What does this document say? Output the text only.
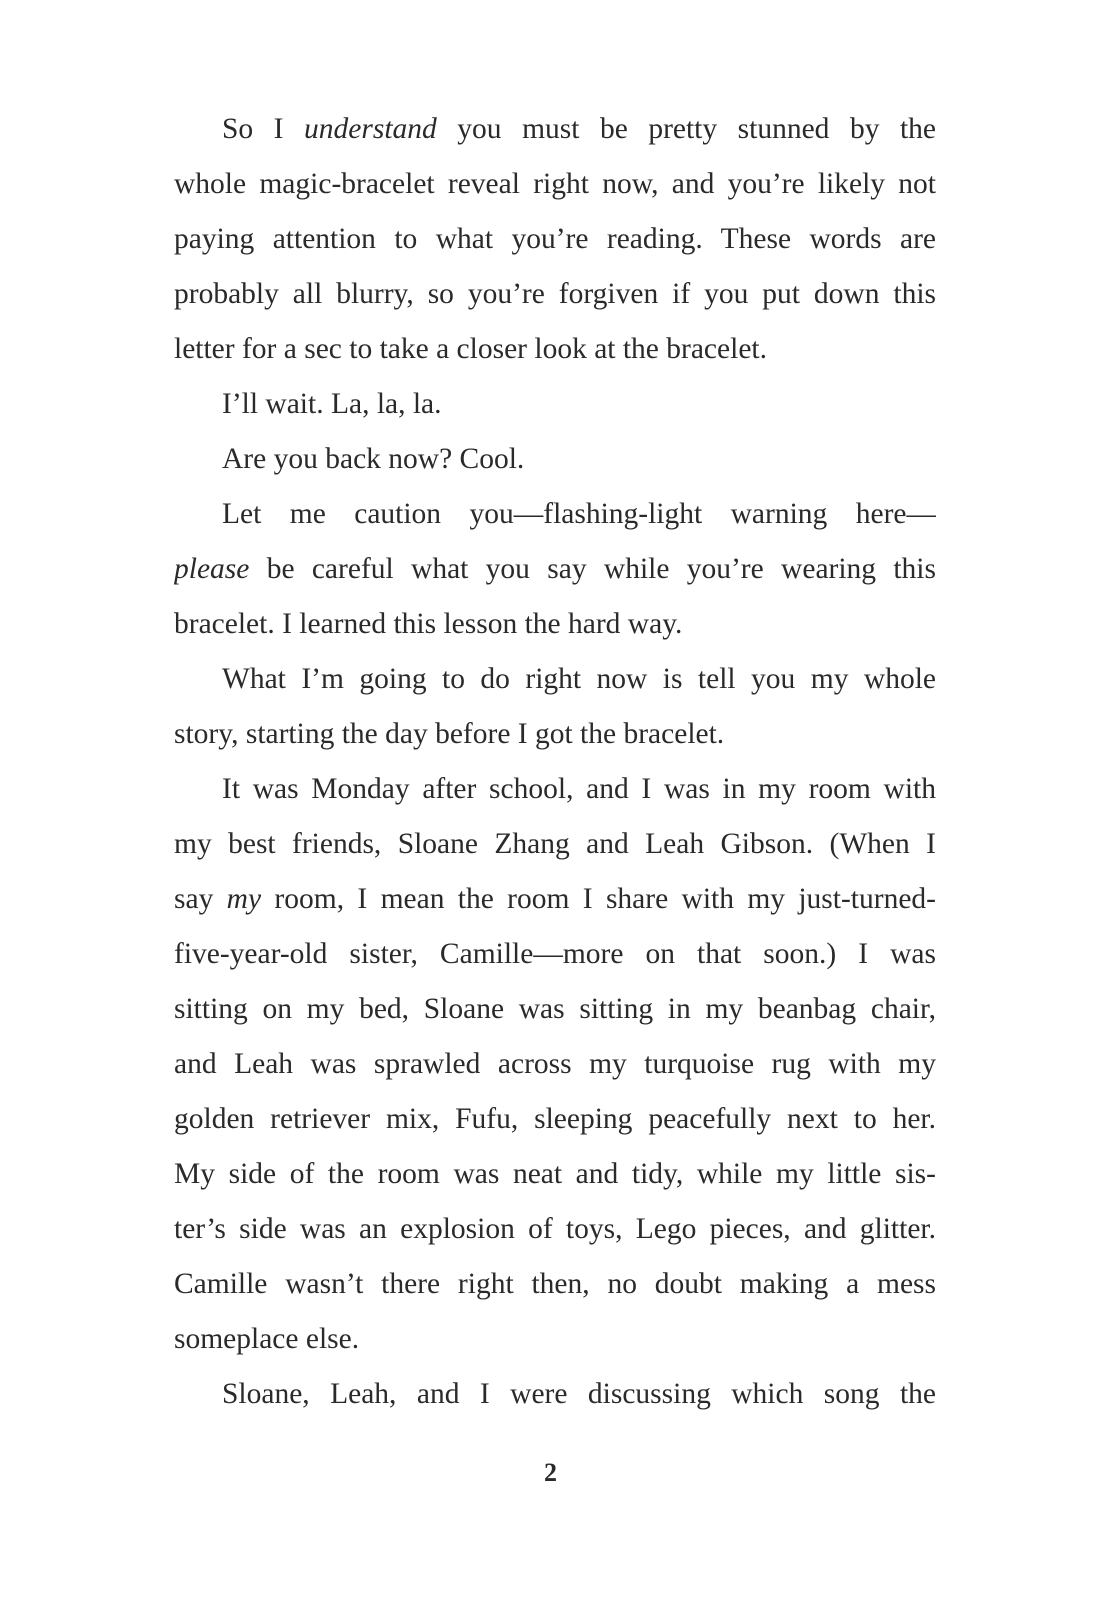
So I understand you must be pretty stunned by the
whole magic-bracelet reveal right now, and you’re likely not
paying attention to what you’re reading. These words are
probably all blurry, so you’re forgiven if you put down this
letter for a sec to take a closer look at the bracelet.
I’ll wait. La, la, la.
Are you back now? Cool.
Let me caution you—flashing-light warning here—
please be careful what you say while you’re wearing this
bracelet. I learned this lesson the hard way.
What I’m going to do right now is tell you my whole
story, starting the day before I got the bracelet.
It was Monday after school, and I was in my room with
my best friends, Sloane Zhang and Leah Gibson. (When I
say my room, I mean the room I share with my just-turned-
five-year-old sister, Camille—more on that soon.) I was
sitting on my bed, Sloane was sitting in my beanbag chair,
and Leah was sprawled across my turquoise rug with my
golden retriever mix, Fufu, sleeping peacefully next to her.
My side of the room was neat and tidy, while my little sis-
ter’s side was an explosion of toys, Lego pieces, and glitter.
Camille wasn’t there right then, no doubt making a mess
someplace else.
Sloane, Leah, and I were discussing which song the
2
